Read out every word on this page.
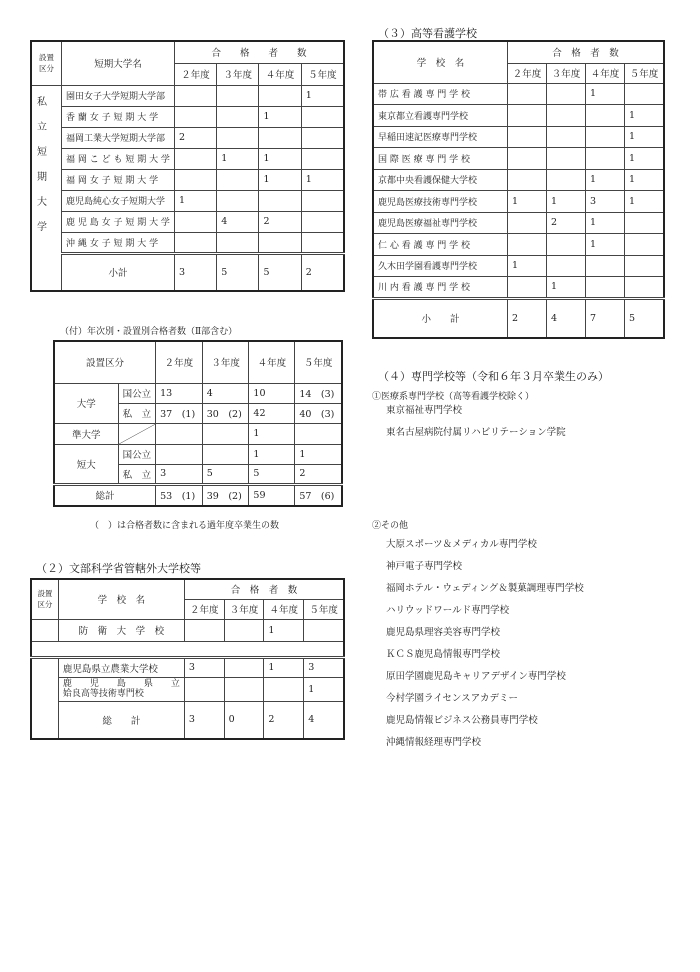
設置
区分	短期大学名	合　　格　　者　　数			
		２年度	３年度	４年度	５年度
	園田女子大学短期大学部				1
	香 蘭 女 子 短 期 大 学			1	
	福岡工業大学短期大学部	2			
	福 岡 こ ど も 短 期 大 学		1	1	
	福 岡 女 子 短 期 大 学			1	1
	鹿児島純心女子短期大学	1			
	鹿 児 島 女 子 短 期 大 学		4	2	
	沖 縄 女 子 短 期 大 学				
	小計	3	5	5	2
私
立
短
期
大
学
（付）年次別・設置別合格者数（Ⅱ部含む）
設置区分		２年度	３年度	４年度	５年度
大学	国公立	13	4	10	14　(3)
	私　立	37　(1)	30　(2)	42	40　(3)
準大学				1	
短大	国公立			1	1
	私　立	3	5	5	2
総計		53　(1)	39　(2)	59	57　(6)
（　）は合格者数に含まれる過年度卒業生の数
（２）文部科学省管轄外大学校等
設置
区分	学　校　名	合　格　者　数			
		２年度	３年度	４年度	５年度
	防　衛　大　学　校			1	

	鹿児島県立農業大学校	3		1	3
	鹿　　児　　島　　県　　立
姶良高等技術専門校				1
	総　　計	3	0	2	4
（３）高等看護学校
学　校　名	合　格　者　数			
	２年度	３年度	４年度	５年度
帯 広 看 護 専 門 学 校			1	
東京都立看護専門学校				1
早稲田速記医療専門学校				1
国 際 医 療 専 門 学 校				1
京都中央看護保健大学校			1	1
鹿児島医療技術専門学校	1	1	3	1
鹿児島医療福祉専門学校		2	1	
仁 心 看 護 専 門 学 校			1	
久木田学園看護専門学校	1			
川 内 看 護 専 門 学 校		1		
小　　計	2	4	7	5
（４）専門学校等（令和６年３月卒業生のみ）
①医療系専門学校（高等看護学校除く）
東京福祉専門学校
東名古屋病院付属リハビリテーション学院
②その他
大原スポーツ＆メディカル専門学校
神戸電子専門学校
福岡ホテル・ウェディング＆製菓調理専門学校
ハリウッドワールド専門学校
鹿児島県理容美容専門学校
ＫＣＳ鹿児島情報専門学校
原田学園鹿児島キャリアデザイン専門学校
今村学園ライセンスアカデミー
鹿児島情報ビジネス公務員専門学校
沖縄情報経理専門学校
